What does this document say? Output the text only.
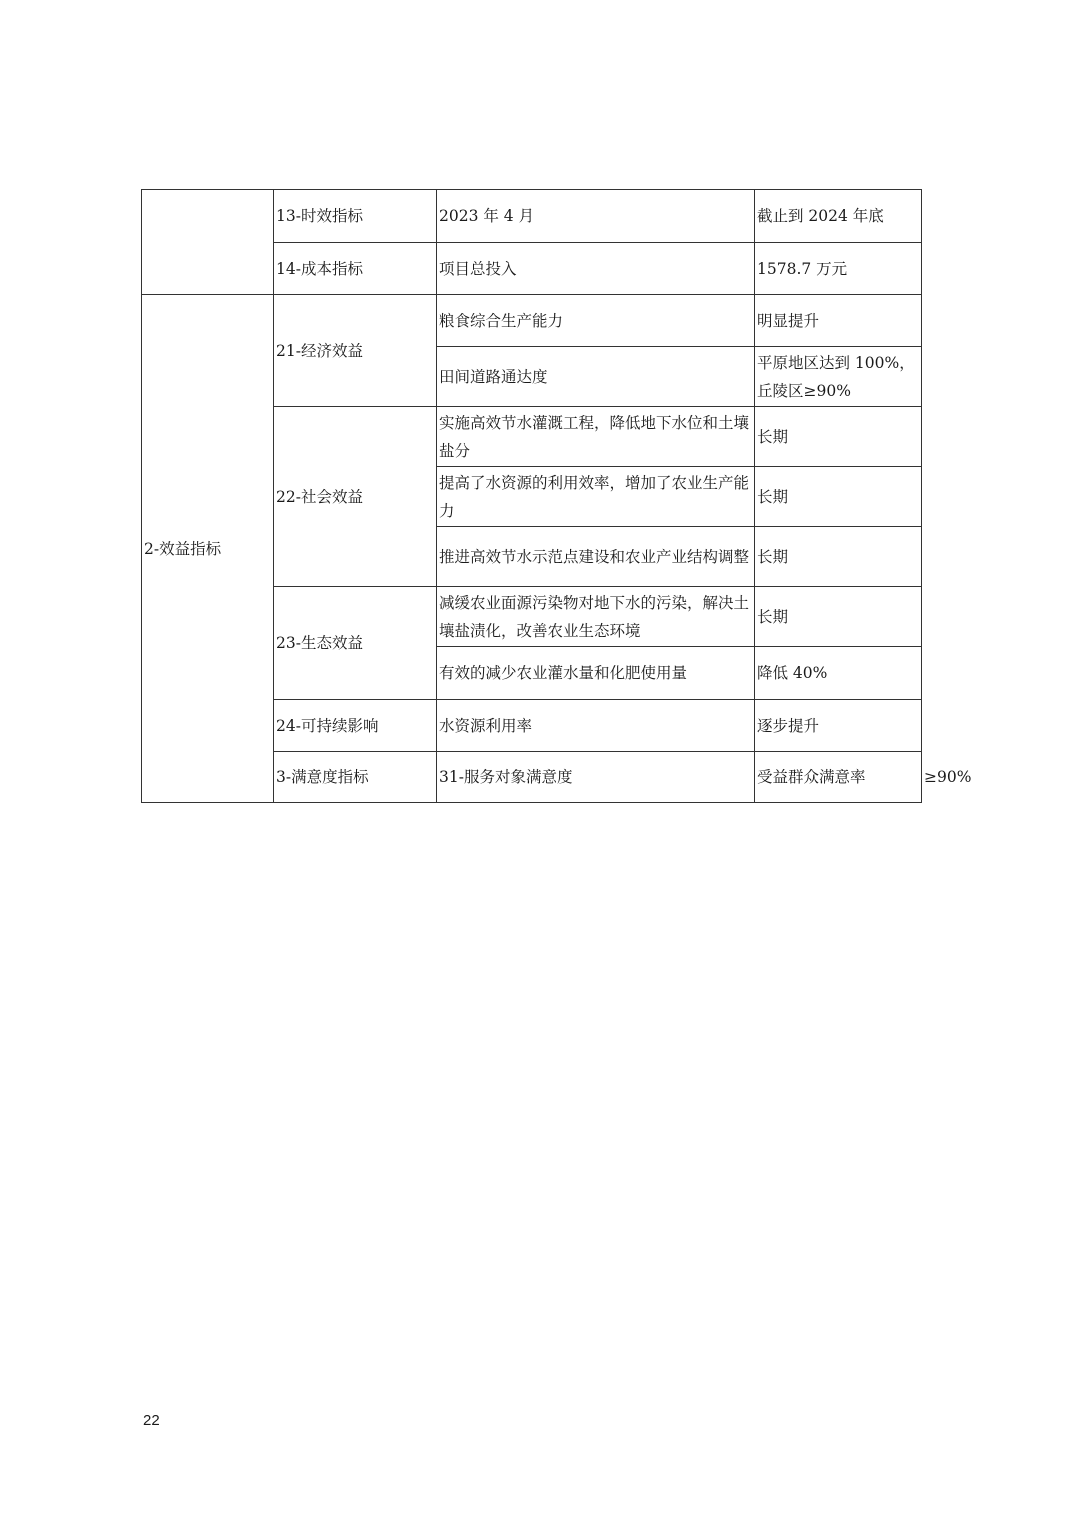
	13-时效指标	2023 年 4 月	截止到 2024 年底	
	14-成本指标	项目总投入	1578.7 万元	
2-效益指标	21-经济效益	粮食综合生产能力	明显提升	
		田间道路通达度	平原地区达到 100%，丘陵区≥90%	
	22-社会效益	实施高效节水灌溉工程，降低地下水位和土壤盐分	长期	
		提高了水资源的利用效率，增加了农业生产能力	长期	
		推进高效节水示范点建设和农业产业结构调整	长期	
	23-生态效益	减缓农业面源污染物对地下水的污染，解决土壤盐渍化，改善农业生态环境	长期	
		有效的减少农业灌水量和化肥使用量	降低 40%	
	24-可持续影响	水资源利用率	逐步提升	
	3-满意度指标	31-服务对象满意度	受益群众满意率	≥90%
22
